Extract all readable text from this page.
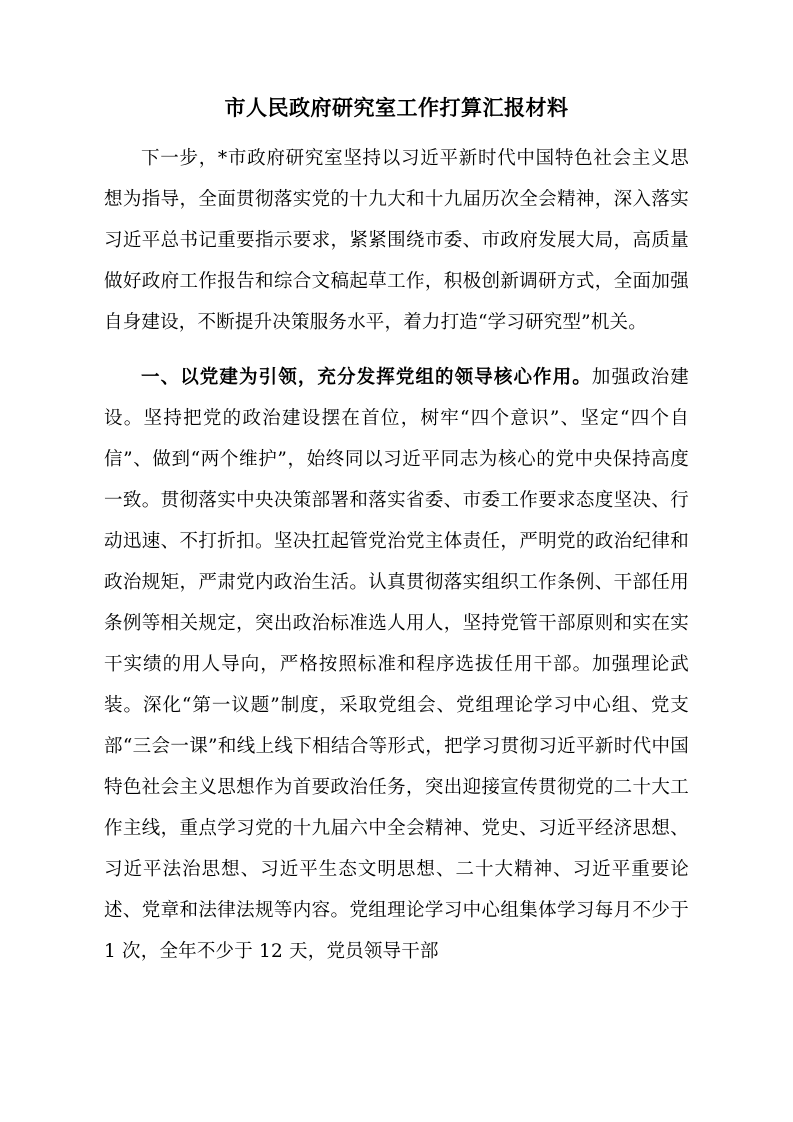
市人民政府研究室工作打算汇报材料

下一步，*市政府研究室坚持以习近平新时代中国特色社会主义思想为指导，全面贯彻落实党的十九大和十九届历次全会精神，深入落实习近平总书记重要指示要求，紧紧围绕市委、市政府发展大局，高质量做好政府工作报告和综合文稿起草工作，积极创新调研方式，全面加强自身建设，不断提升决策服务水平，着力打造“学习研究型”机关。

一、以党建为引领，充分发挥党组的领导核心作用。加强政治建设。坚持把党的政治建设摆在首位，树牢“四个意识”、坚定“四个自信”、做到“两个维护”，始终同以习近平同志为核心的党中央保持高度一致。贯彻落实中央决策部署和落实省委、市委工作要求态度坚决、行动迅速、不打折扣。坚决扛起管党治党主体责任，严明党的政治纪律和政治规矩，严肃党内政治生活。认真贯彻落实组织工作条例、干部任用条例等相关规定，突出政治标准选人用人，坚持党管干部原则和实在实干实绩的用人导向，严格按照标准和程序选拔任用干部。加强理论武装。深化“第一议题”制度，采取党组会、党组理论学习中心组、党支部“三会一课”和线上线下相结合等形式，把学习贯彻习近平新时代中国特色社会主义思想作为首要政治任务，突出迎接宣传贯彻党的二十大工作主线，重点学习党的十九届六中全会精神、党史、习近平经济思想、习近平法治思想、习近平生态文明思想、二十大精神、习近平重要论述、党章和法律法规等内容。党组理论学习中心组集体学习每月不少于 1 次，全年不少于 12 天，党员领导干部
